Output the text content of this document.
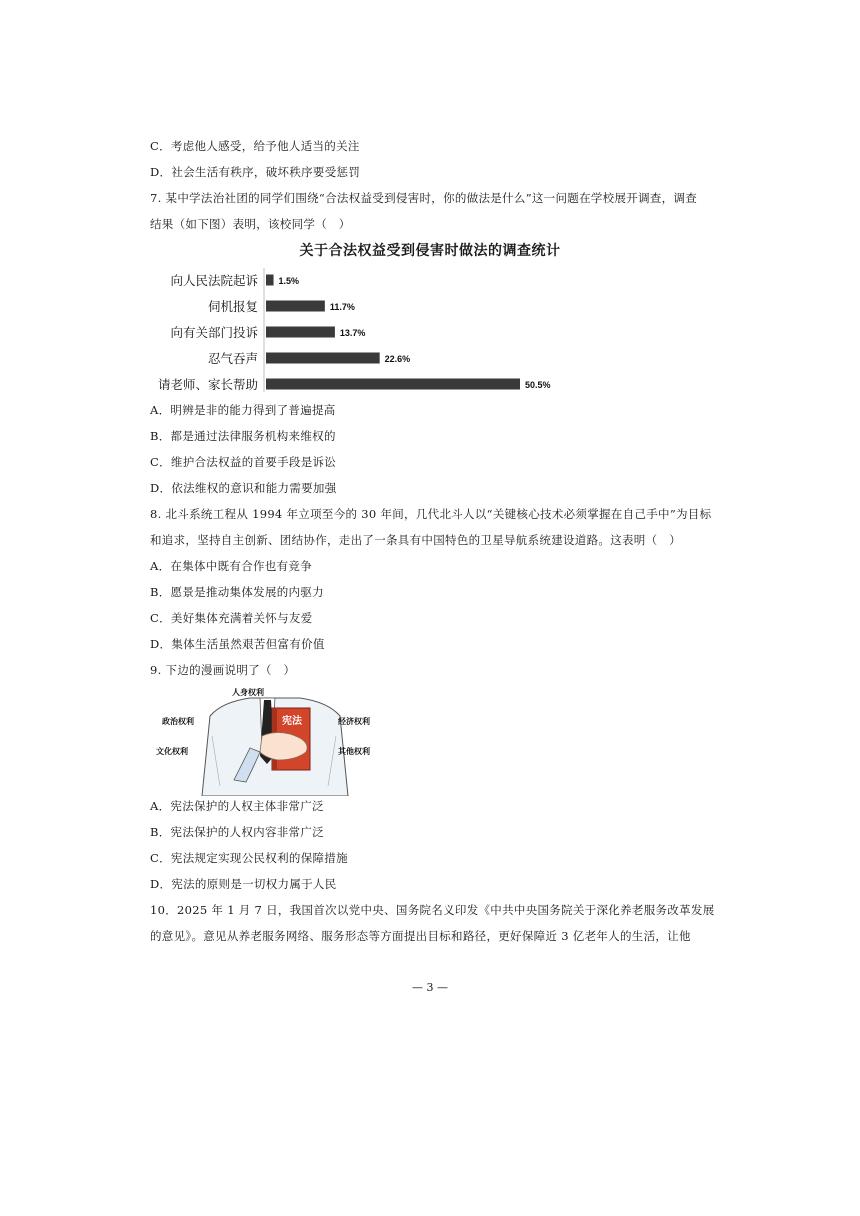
C．考虑他人感受，给予他人适当的关注
D．社会生活有秩序，破坏秩序要受惩罚
7. 某中学法治社团的同学们围绕“合法权益受到侵害时，你的做法是什么”这一问题在学校展开调查，调查
结果（如下图）表明，该校同学（　）
关于合法权益受到侵害时做法的调查统计
向人民法院起诉 1.5%
伺机报复	11.7%
向有关部门投诉	13.7%
忍气吞声	22.6%
请老师、家长帮助	50.5%
A．明辨是非的能力得到了普遍提高
B．都是通过法律服务机构来维权的
C．维护合法权益的首要手段是诉讼
D．依法维权的意识和能力需要加强
8. 北斗系统工程从 1994 年立项至今的 30 年间，几代北斗人以“关键核心技术必须掌握在自己手中”为目标
和追求，坚持自主创新、团结协作，走出了一条具有中国特色的卫星导航系统建设道路。这表明（　）
A．在集体中既有合作也有竞争
B．愿景是推动集体发展的内驱力
C．美好集体充满着关怀与友爱
D．集体生活虽然艰苦但富有价值
9. 下边的漫画说明了（　）
宪法
人身权利
政治权利
文化权利
经济权利
其他权利
A．宪法保护的人权主体非常广泛
B．宪法保护的人权内容非常广泛
C．宪法规定实现公民权利的保障措施
D．宪法的原则是一切权力属于人民
10．2025 年 1 月 7 日，我国首次以党中央、国务院名义印发《中共中央国务院关于深化养老服务改革发展
的意见》。意见从养老服务网络、服务形态等方面提出目标和路径，更好保障近 3 亿老年人的生活，让他
— 3 —
